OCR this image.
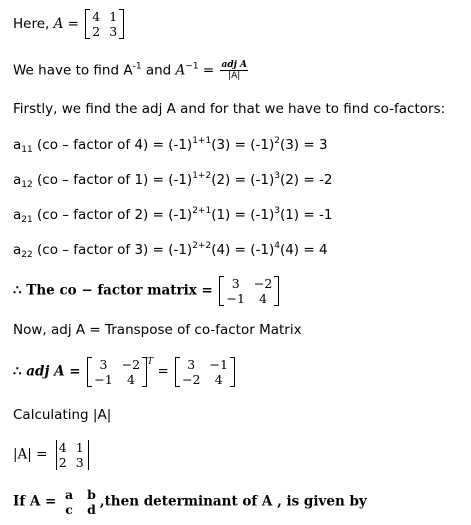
Here, A = 4 1
2 3
We have to find $A^{-1}$ and $A^{-1} = \frac{\text{adj A}}{|A|}$
Firstly, we find the adj A and for that we have to find co-factors:
$a_{11}$ (co – factor of $4) = (-1)^{1+1}(3) = (-1)^2(3) = 3$
$a_{12}$ (co – factor of $1) = (-1)^{1+2}(2) = (-1)^3(2) = -2$
$a_{21}$ (co – factor of $2) = (-1)^{2+1}(1) = (-1)^3(1) = -1$
$a_{22}$ (co – factor of $3) = (-1)^{2+2}(4) = (-1)^4(4) = 4$
∴ The co − factor matrix =	3	−2
−1	4
Now, adj A = Transpose of co-factor Matrix
∴ adj A =	3	−2
−1	4
$^T$ =	3	−1
−2	4
Calculating |A|
|A| = 4 1
2 3
If A = a b
c d ,then determinant of A , is given by
